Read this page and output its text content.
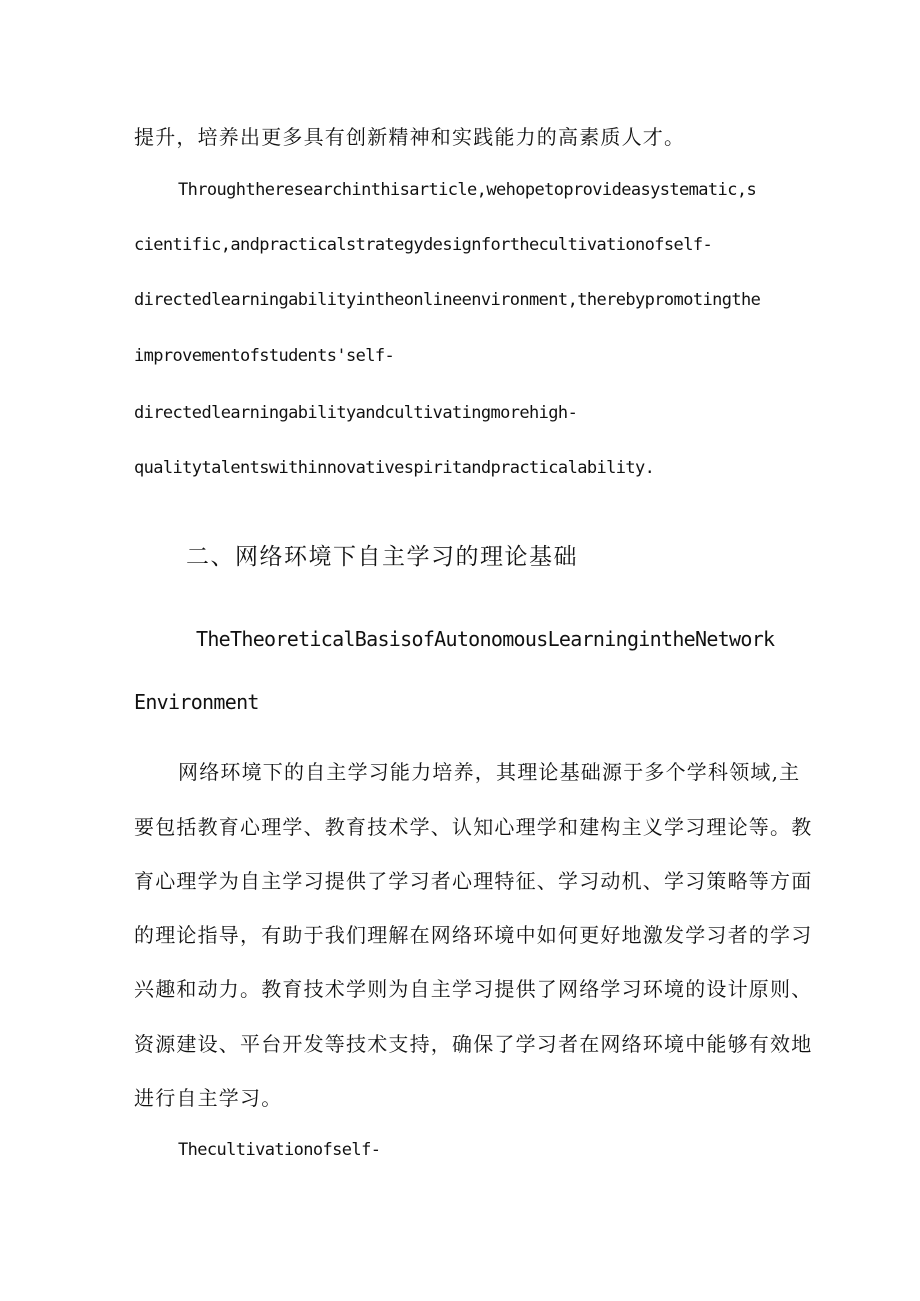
提升，培养出更多具有创新精神和实践能力的高素质人才。

Throughtheresearchinthisarticle,wehopetoprovideasystematic,s

cientific,andpracticalstrategydesignforthecultivationofself-

directedlearningabilityintheonlineenvironment,therebypromotingthe

improvementofstudents'self-

directedlearningabilityandcultivatingmorehigh-

qualitytalentswithinnovativespiritandpracticalability.

二、网络环境下自主学习的理论基础
TheTheoreticalBasisofAutonomousLearningintheNetwork
Environment

网络环境下的自主学习能力培养，其理论基础源于多个学科领域,主

要包括教育心理学、教育技术学、认知心理学和建构主义学习理论等。教

育心理学为自主学习提供了学习者心理特征、学习动机、学习策略等方面

的理论指导，有助于我们理解在网络环境中如何更好地激发学习者的学习

兴趣和动力。教育技术学则为自主学习提供了网络学习环境的设计原则、

资源建设、平台开发等技术支持，确保了学习者在网络环境中能够有效地

进行自主学习。

Thecultivationofself-
